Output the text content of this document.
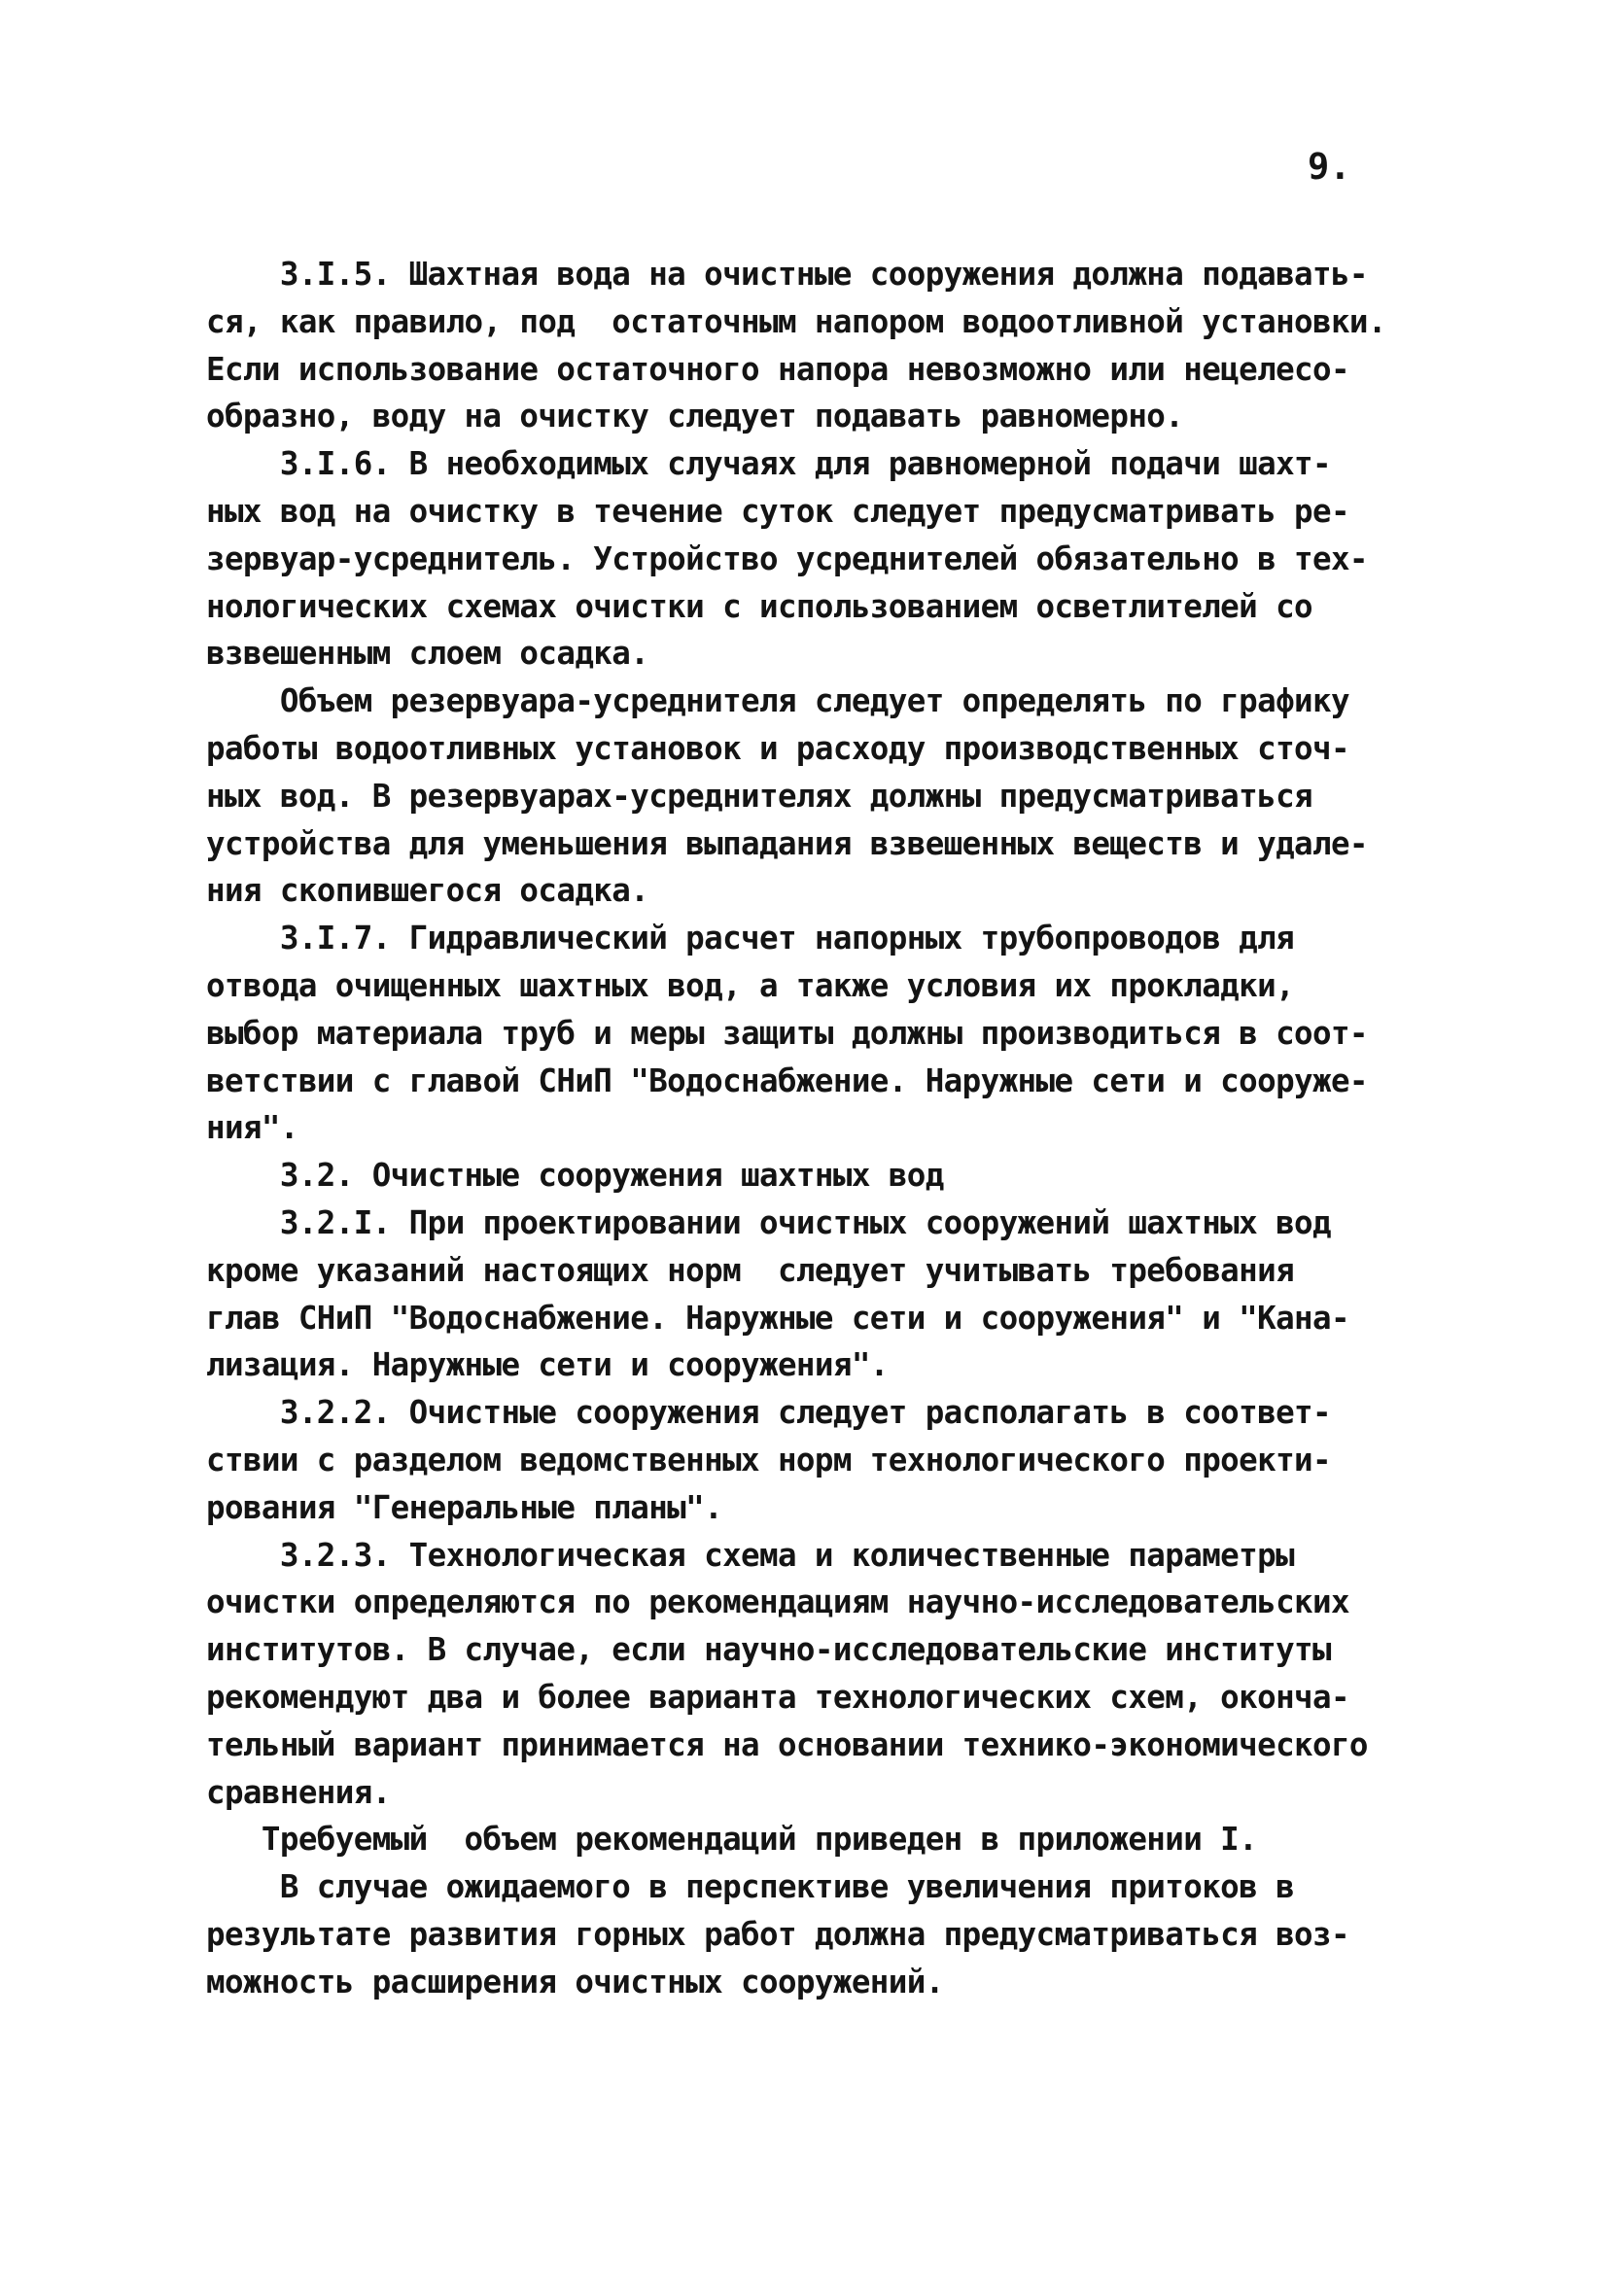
9.
3.I.5. Шахтная вода на очистные сооружения должна подавать-
ся, как правило, под  остаточным напором водоотливной установки.
Если использование остаточного напора невозможно или нецелесо-
образно, воду на очистку следует подавать равномерно.
3.I.6. В необходимых случаях для равномерной подачи шахт-
ных вод на очистку в течение суток следует предусматривать ре-
зервуар-усреднитель. Устройство усреднителей обязательно в тех-
нологических схемах очистки с использованием осветлителей со
взвешенным слоем осадка.
Объем резервуара-усреднителя следует определять по графику
работы водоотливных установок и расходу производственных сточ-
ных вод. В резервуарах-усреднителях должны предусматриваться
устройства для уменьшения выпадания взвешенных веществ и удале-
ния скопившегося осадка.
3.I.7. Гидравлический расчет напорных трубопроводов для
отвода очищенных шахтных вод, а также условия их прокладки,
выбор материала труб и меры защиты должны производиться в соот-
ветствии с главой СНиП "Водоснабжение. Наружные сети и сооруже-
ния".
3.2. Очистные сооружения шахтных вод
3.2.I. При проектировании очистных сооружений шахтных вод
кроме указаний настоящих норм  следует учитывать требования
глав СНиП "Водоснабжение. Наружные сети и сооружения" и "Кана-
лизация. Наружные сети и сооружения".
3.2.2. Очистные сооружения следует располагать в соответ-
ствии с разделом ведомственных норм технологического проекти-
рования "Генеральные планы".
3.2.3. Технологическая схема и количественные параметры
очистки определяются по рекомендациям научно-исследовательских
институтов. В случае, если научно-исследовательские институты
рекомендуют два и более варианта технологических схем, оконча-
тельный вариант принимается на основании технико-экономического
сравнения.
Требуемый  объем рекомендаций приведен в приложении I.
В случае ожидаемого в перспективе увеличения притоков в
результате развития горных работ должна предусматриваться воз-
можность расширения очистных сооружений.
